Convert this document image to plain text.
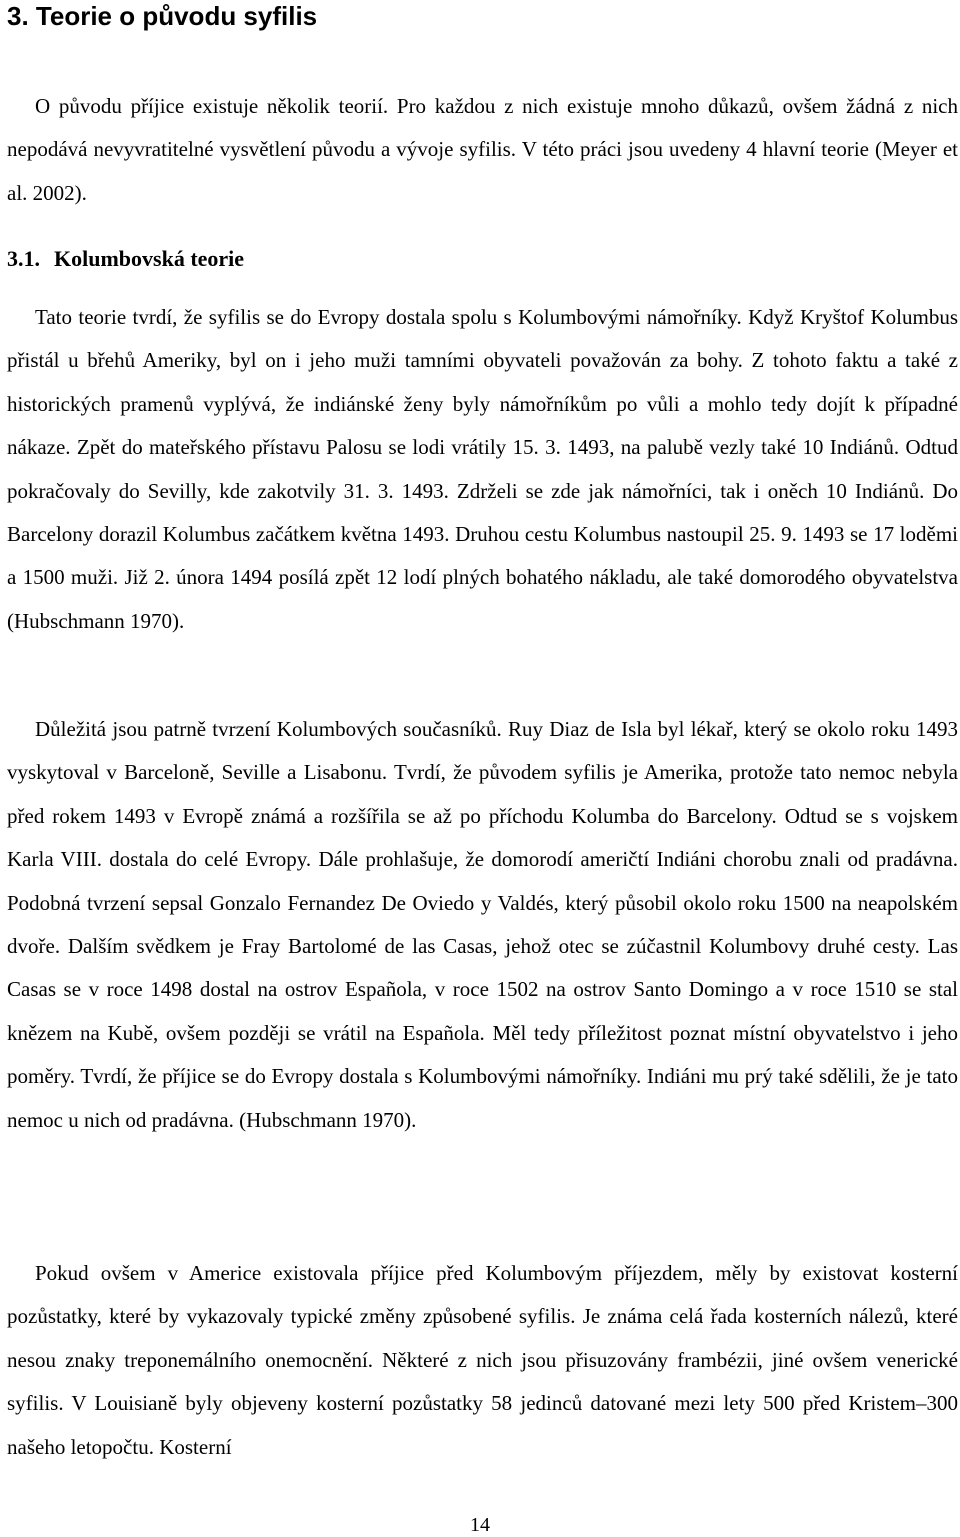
3. Teorie o původu syfilis

O původu příjice existuje několik teorií. Pro každou z nich existuje mnoho důkazů, ovšem žádná z nich nepodává nevyvratitelné vysvětlení původu a vývoje syfilis. V této práci jsou uvedeny 4 hlavní teorie (Meyer et al. 2002).

3.1. Kolumbovská teorie

Tato teorie tvrdí, že syfilis se do Evropy dostala spolu s Kolumbovými námořníky. Když Kryštof Kolumbus přistál u břehů Ameriky, byl on i jeho muži tamními obyvateli považován za bohy. Z tohoto faktu a také z historických pramenů vyplývá, že indiánské ženy byly námořníkům po vůli a mohlo tedy dojít k případné nákaze. Zpět do mateřského přístavu Palosu se lodi vrátily 15. 3. 1493, na palubě vezly také 10 Indiánů. Odtud pokračovaly do Sevilly, kde zakotvily 31. 3. 1493. Zdrželi se zde jak námořníci, tak i oněch 10 Indiánů. Do Barcelony dorazil Kolumbus začátkem května 1493. Druhou cestu Kolumbus nastoupil 25. 9. 1493 se 17 loděmi a 1500 muži. Již 2. února 1494 posílá zpět 12 lodí plných bohatého nákladu, ale také domorodého obyvatelstva (Hubschmann 1970).

Důležitá jsou patrně tvrzení Kolumbových současníků. Ruy Diaz de Isla byl lékař, který se okolo roku 1493 vyskytoval v Barceloně, Seville a Lisabonu. Tvrdí, že původem syfilis je Amerika, protože tato nemoc nebyla před rokem 1493 v Evropě známá a rozšířila se až po příchodu Kolumba do Barcelony. Odtud se s vojskem Karla VIII. dostala do celé Evropy. Dále prohlašuje, že domorodí američtí Indiáni chorobu znali od pradávna. Podobná tvrzení sepsal Gonzalo Fernandez De Oviedo y Valdés, který působil okolo roku 1500 na neapolském dvoře. Dalším svědkem je Fray Bartolomé de las Casas, jehož otec se zúčastnil Kolumbovy druhé cesty. Las Casas se v roce 1498 dostal na ostrov Española, v roce 1502 na ostrov Santo Domingo a v roce 1510 se stal knězem na Kubě, ovšem později se vrátil na Española. Měl tedy příležitost poznat místní obyvatelstvo i jeho poměry. Tvrdí, že příjice se do Evropy dostala s Kolumbovými námořníky. Indiáni mu prý také sdělili, že je tato nemoc u nich od pradávna. (Hubschmann 1970).

Pokud ovšem v Americe existovala příjice před Kolumbovým příjezdem, měly by existovat kosterní pozůstatky, které by vykazovaly typické změny způsobené syfilis. Je známa celá řada kosterních nálezů, které nesou znaky treponemálního onemocnění. Některé z nich jsou přisuzovány frambézii, jiné ovšem venerické syfilis. V Louisianě byly objeveny kosterní pozůstatky 58 jedinců datované mezi lety 500 před Kristem–300 našeho letopočtu. Kosterní

14
